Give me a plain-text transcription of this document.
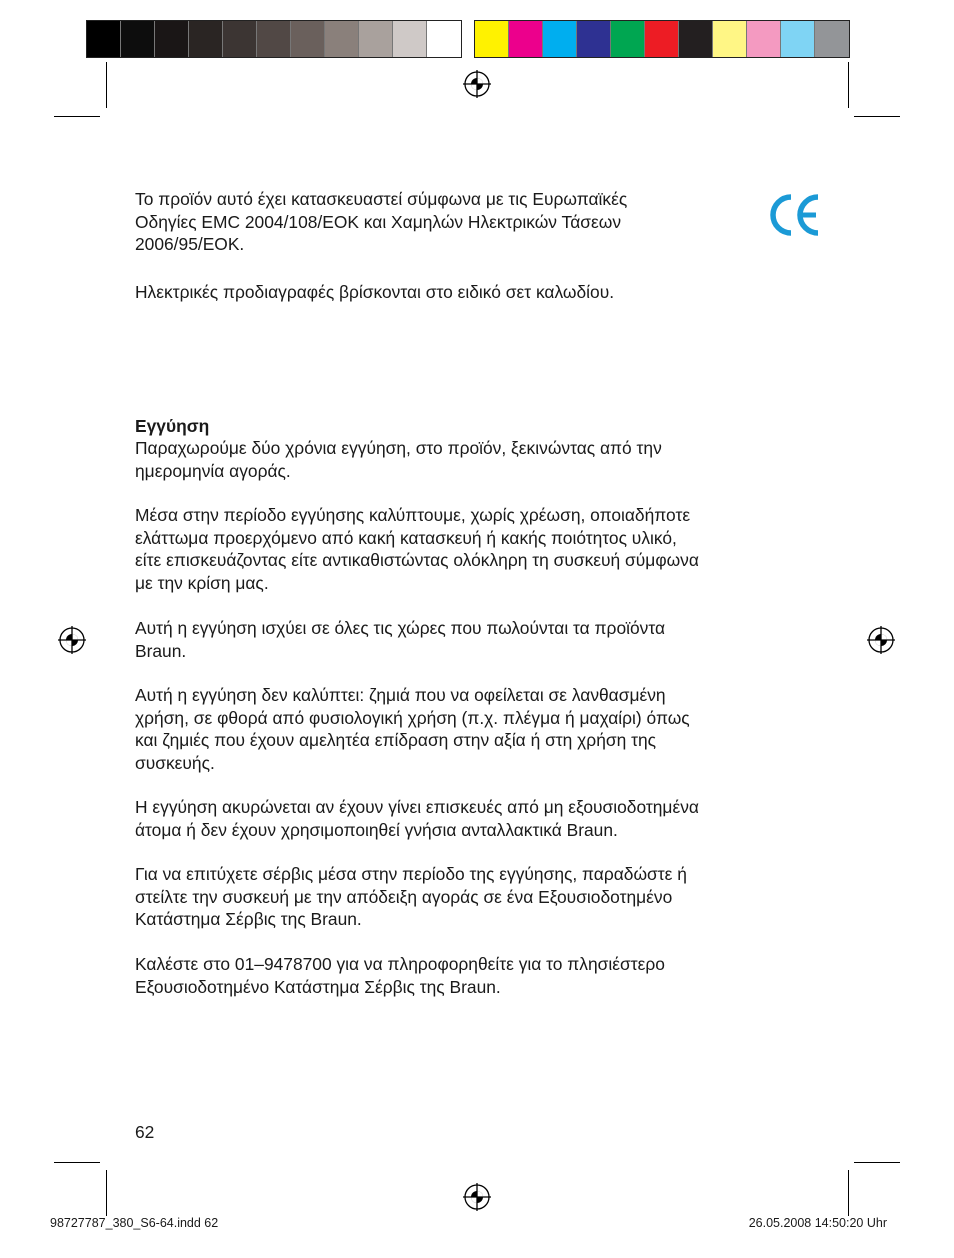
Το προϊόν αυτό έχει κατασκευαστεί σύμφωνα με τις Ευρωπαϊκές
Οδηγίες EMC 2004/108/EOK και Χαμηλών Ηλεκτρικών Τάσεων
2006/95/EOK.

Ηλεκτρικές προδιαγραφές βρίσκονται στο ειδικό σετ καλωδίου.

Εγγύηση

Παραχωρούμε δύο χρόνια εγγύηση, στο προϊόν, ξεκινώντας από την
ημερομηνία αγοράς.

Μέσα στην περίοδο εγγύησης καλύπτουμε, χωρίς χρέωση, οποιαδήποτε
ελάττωμα προερχόμενο από κακή κατασκευή ή κακής ποιότητος υλικό,
είτε επισκευάζοντας είτε αντικαθιστώντας ολόκληρη τη συσκευή σύμφωνα
με την κρίση μας.

Αυτή η εγγύηση ισχύει σε όλες τις χώρες που πωλούνται τα προϊόντα
Braun.

Αυτή η εγγύηση δεν καλύπτει: ζημιά που να οφείλεται σε λανθασμένη
χρήση, σε φθορά από φυσιολογική χρήση (π.χ. πλέγμα ή μαχαίρι) όπως
και ζημιές που έχουν αμελητέα επίδραση στην αξία ή στη χρήση της
συσκευής.

Η εγγύηση ακυρώνεται αν έχουν γίνει επισκευές από μη εξουσιοδοτημένα
άτομα ή δεν έχουν χρησιμοποιηθεί γνήσια ανταλλακτικά Braun.

Για να επιτύχετε σέρβις μέσα στην περίοδο της εγγύησης, παραδώστε ή
στείλτε την συσκευή με την απόδειξη αγοράς σε ένα Εξουσιοδοτημένο
Κατάστημα Σέρβις της Braun.

Καλέστε στο 01–9478700 για να πληροφορηθείτε για το πλησιέστερο
Εξουσιοδοτημένο Κατάστημα Σέρβις της Braun.

62
98727787_380_S6-64.indd 62	26.05.2008 14:50:20 Uhr
